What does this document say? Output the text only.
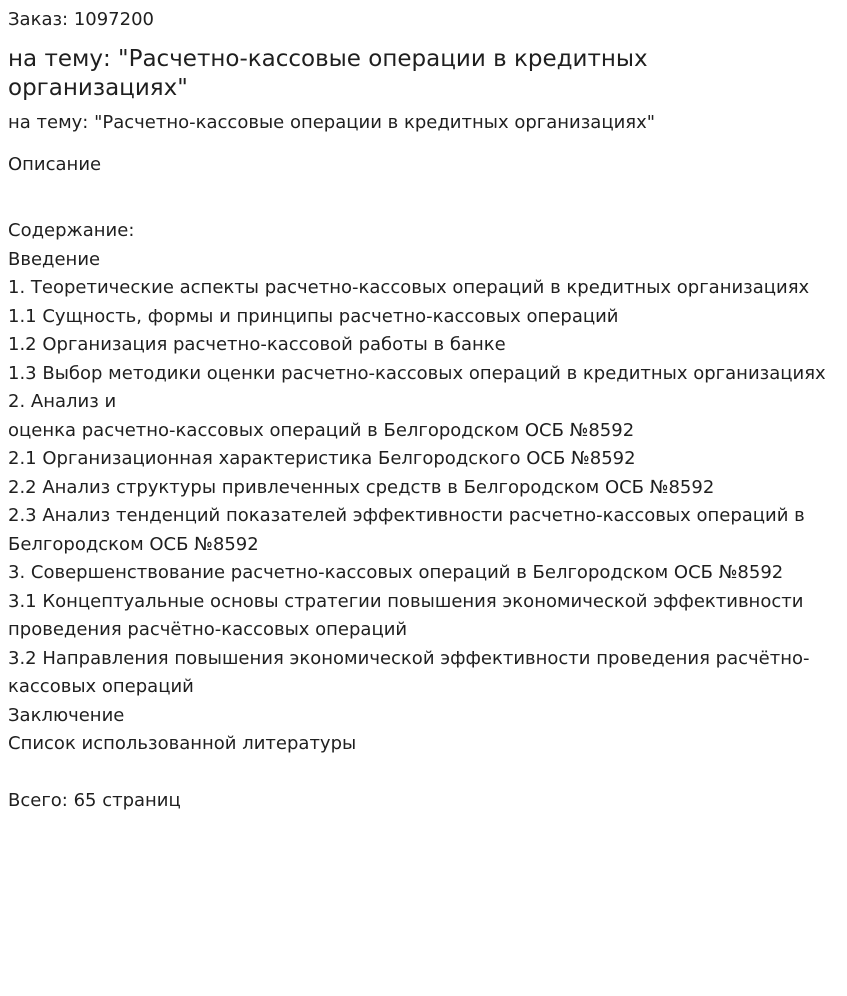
Заказ: 1097200

на тему: "Расчетно-кассовые операции в кредитных организациях"

на тему: "Расчетно-кассовые операции в кредитных организациях"

Описание

Содержание:

Введение

1. Теоретические аспекты расчетно-кассовых операций в кредитных организациях

1.1 Сущность, формы и принципы расчетно-кассовых операций

1.2 Организация расчетно-кассовой работы в банке

1.3 Выбор методики оценки расчетно-кассовых операций в кредитных организациях

2. Анализ и

оценка расчетно-кассовых операций в Белгородском ОСБ №8592

2.1 Организационная характеристика Белгородского ОСБ №8592

2.2 Анализ структуры привлеченных средств в Белгородском ОСБ №8592

2.3 Анализ тенденций показателей эффективности расчетно-кассовых операций в Белгородском ОСБ №8592

3. Совершенствование расчетно-кассовых операций в Белгородском ОСБ №8592

3.1 Концептуальные основы стратегии повышения экономической эффективности проведения расчётно-кассовых операций

3.2 Направления повышения экономической эффективности проведения расчётно-кассовых операций

Заключение

Список использованной литературы

Всего: 65 страниц
